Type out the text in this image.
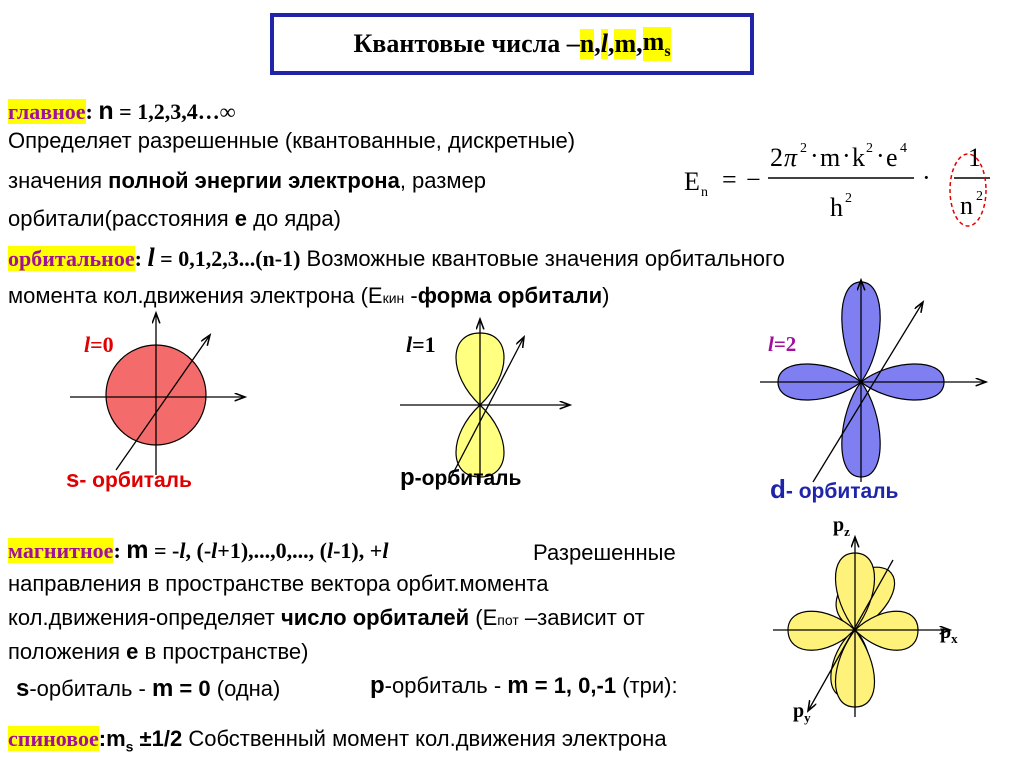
Квантовые числа – n , l , m , $m_s$
главное: n = 1,2,3,4…∞
Определяет разрешенные (квантованные, дискретные)
значения полной энергии электрона, размер
орбитали(расстояния е до ядра)
E n = −
2 π 2 · m · k 2 · e 4
h 2
·
1
n 2
орбитальное: l = 0,1,2,3...(n-1) Возможные квантовые значения орбитального
момента кол.движения электрона (Екин -форма орбитали)
l=0
s- орбиталь
l=1
p-орбиталь
l=2
d- орбиталь
магнитное: m = -l, (-l+1),...,0,..., (l-1), +l	Разрешенные
направления в пространстве вектора орбит.момента
кол.движения-определяет число орбиталей (Епот –зависит от
положения е в пространстве)
s-орбиталь - m = 0 (одна)	p-орбиталь - m = 1, 0,-1 (три):
$p_z$
$p_x$
$p_y$
$спиновое:m_s \pm 1/2$ Собственный момент кол.движения электрона
